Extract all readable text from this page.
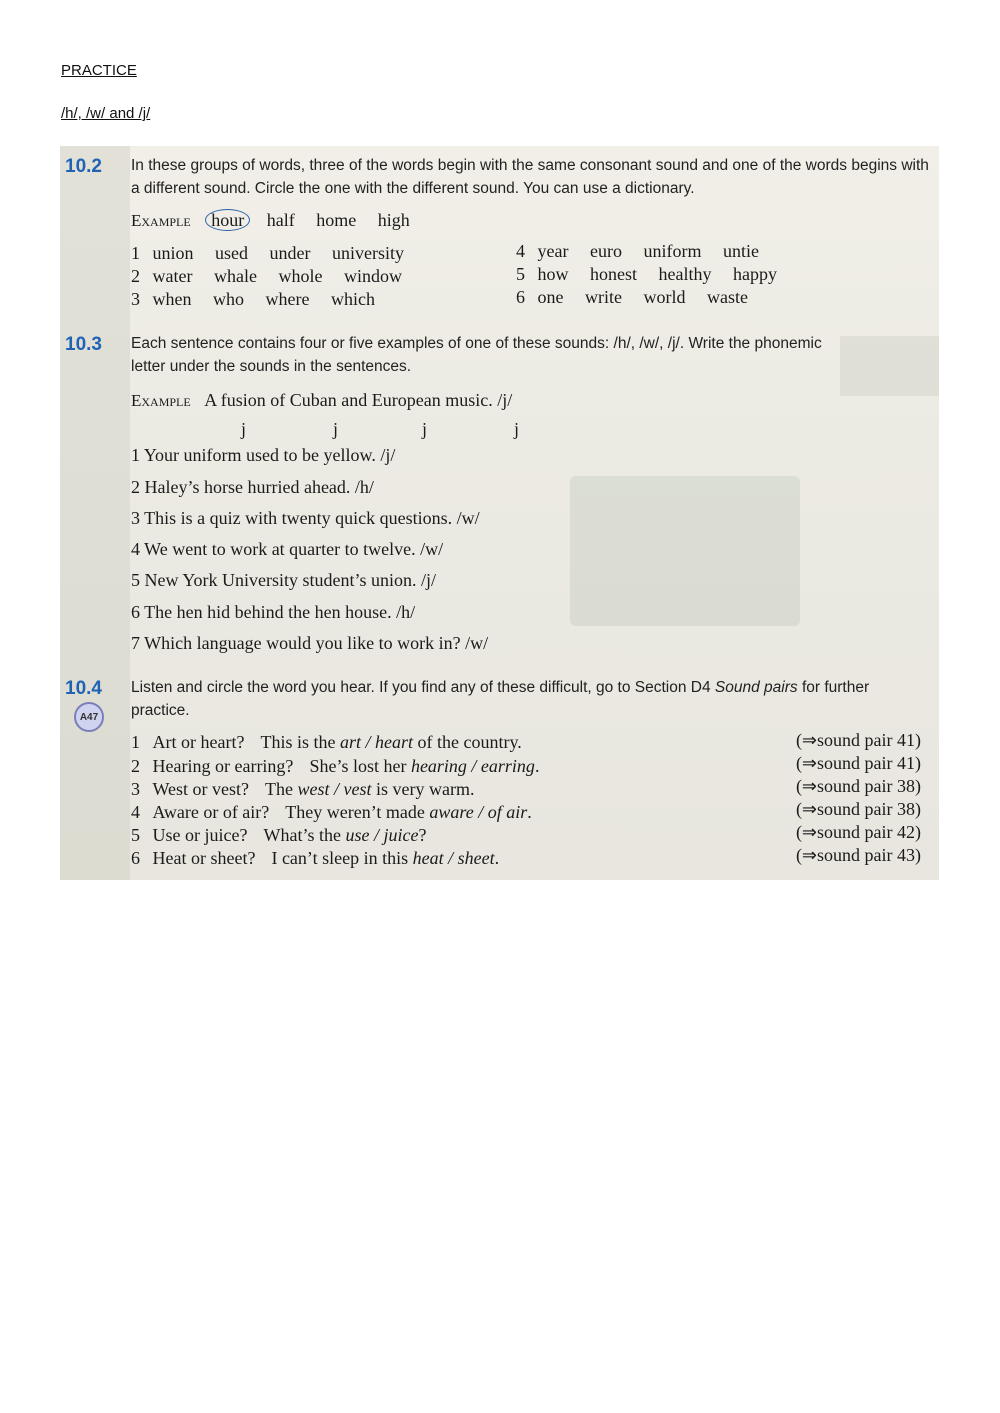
PRACTICE
/h/, /w/ and /j/
10.2 In these groups of words, three of the words begin with the same consonant sound and one of the words begins with a different sound. Circle the one with the different sound. You can use a dictionary.
Example hour half home high
1 union used under university
2 water whale whole window
3 when who where which
4 year euro uniform untie
5 how honest healthy happy
6 one write world waste
10.3 Each sentence contains four or five examples of one of these sounds: /h/, /w/, /j/. Write the phonemic letter under the sounds in the sentences.
Example A fusion of Cuban and European music. /j/
j	j	j	j
1 Your uniform used to be yellow. /j/
2 Haley’s horse hurried ahead. /h/
3 This is a quiz with twenty quick questions. /w/
4 We went to work at quarter to twelve. /w/
5 New York University student’s union. /j/
6 The hen hid behind the hen house. /h/
7 Which language would you like to work in? /w/
10.4
A47
Listen and circle the word you hear. If you find any of these difficult, go to Section D4 Sound pairs for further practice.
1 Art or heart? This is the art / heart of the country.	(⇒sound pair 41)
2 Hearing or earring? She’s lost her hearing / earring.	(⇒sound pair 41)
3 West or vest? The west / vest is very warm.	(⇒sound pair 38)
4 Aware or of air? They weren’t made aware / of air.	(⇒sound pair 38)
5 Use or juice? What’s the use / juice?	(⇒sound pair 42)
6 Heat or sheet? I can’t sleep in this heat / sheet.	(⇒sound pair 43)
